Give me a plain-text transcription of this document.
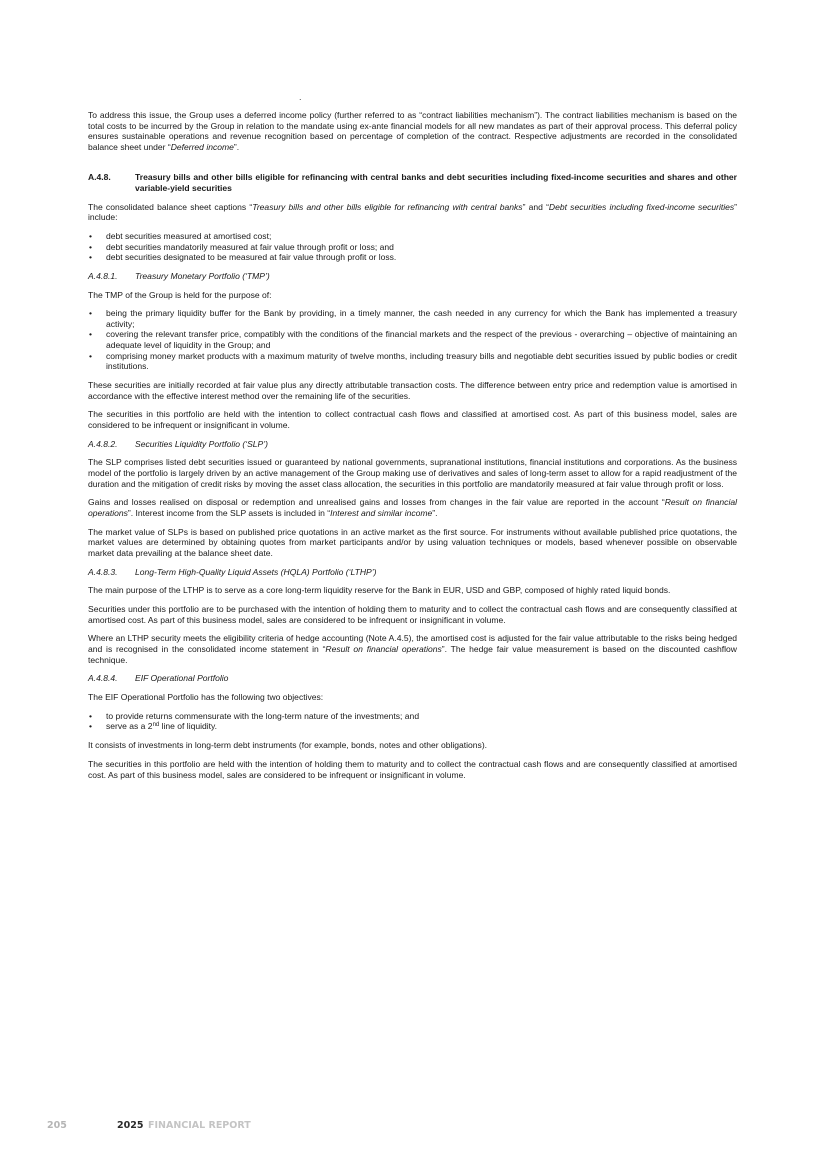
.

To address this issue, the Group uses a deferred income policy (further referred to as “contract liabilities mechanism”). The contract liabilities mechanism is based on the total costs to be incurred by the Group in relation to the mandate using ex-ante financial models for all new mandates as part of their approval process. This deferral policy ensures sustainable operations and revenue recognition based on percentage of completion of the contract. Respective adjustments are recorded in the consolidated balance sheet under “Deferred income”.

A.4.8.	Treasury bills and other bills eligible for refinancing with central banks and debt securities including fixed-income securities and shares and other variable-yield securities

The consolidated balance sheet captions “Treasury bills and other bills eligible for refinancing with central banks” and “Debt securities including fixed-income securities” include:

• debt securities measured at amortised cost;
• debt securities mandatorily measured at fair value through profit or loss; and
• debt securities designated to be measured at fair value through profit or loss.
A.4.8.1.	Treasury Monetary Portfolio (‘TMP’)

The TMP of the Group is held for the purpose of:

• being the primary liquidity buffer for the Bank by providing, in a timely manner, the cash needed in any currency for which the Bank has implemented a treasury activity;
• covering the relevant transfer price, compatibly with the conditions of the financial markets and the respect of the previous - overarching – objective of maintaining an adequate level of liquidity in the Group; and
• comprising money market products with a maximum maturity of twelve months, including treasury bills and negotiable debt securities issued by public bodies or credit institutions.

These securities are initially recorded at fair value plus any directly attributable transaction costs. The difference between entry price and redemption value is amortised in accordance with the effective interest method over the remaining life of the securities.

The securities in this portfolio are held with the intention to collect contractual cash flows and classified at amortised cost. As part of this business model, sales are considered to be infrequent or insignificant in volume.

A.4.8.2.	Securities Liquidity Portfolio (‘SLP’)

The SLP comprises listed debt securities issued or guaranteed by national governments, supranational institutions, financial institutions and corporations. As the business model of the portfolio is largely driven by an active management of the Group making use of derivatives and sales of long-term asset to allow for a rapid readjustment of the duration and the mitigation of credit risks by moving the asset class allocation, the securities in this portfolio are mandatorily measured at fair value through profit or loss.

Gains and losses realised on disposal or redemption and unrealised gains and losses from changes in the fair value are reported in the account “Result on financial operations”. Interest income from the SLP assets is included in “Interest and similar income”.

The market value of SLPs is based on published price quotations in an active market as the first source. For instruments without available published price quotations, the market values are determined by obtaining quotes from market participants and/or by using valuation techniques or models, based whenever possible on observable market data prevailing at the balance sheet date.

A.4.8.3.	Long-Term High-Quality Liquid Assets (HQLA) Portfolio (‘LTHP’)

The main purpose of the LTHP is to serve as a core long-term liquidity reserve for the Bank in EUR, USD and GBP, composed of highly rated liquid bonds.

Securities under this portfolio are to be purchased with the intention of holding them to maturity and to collect the contractual cash flows and are consequently classified at amortised cost. As part of this business model, sales are considered to be infrequent or insignificant in volume.

Where an LTHP security meets the eligibility criteria of hedge accounting (Note A.4.5), the amortised cost is adjusted for the fair value attributable to the risks being hedged and is recognised in the consolidated income statement in “Result on financial operations”. The hedge fair value measurement is based on the discounted cashflow technique.

A.4.8.4.	EIF Operational Portfolio

The EIF Operational Portfolio has the following two objectives:

• to provide returns commensurate with the long-term nature of the investments; and
• serve as a 2nd line of liquidity.

It consists of investments in long-term debt instruments (for example, bonds, notes and other obligations).

The securities in this portfolio are held with the intention of holding them to maturity and to collect the contractual cash flows and are consequently classified at amortised cost. As part of this business model, sales are considered to be infrequent or insignificant in volume.

205	2025 FINANCIAL REPORT
